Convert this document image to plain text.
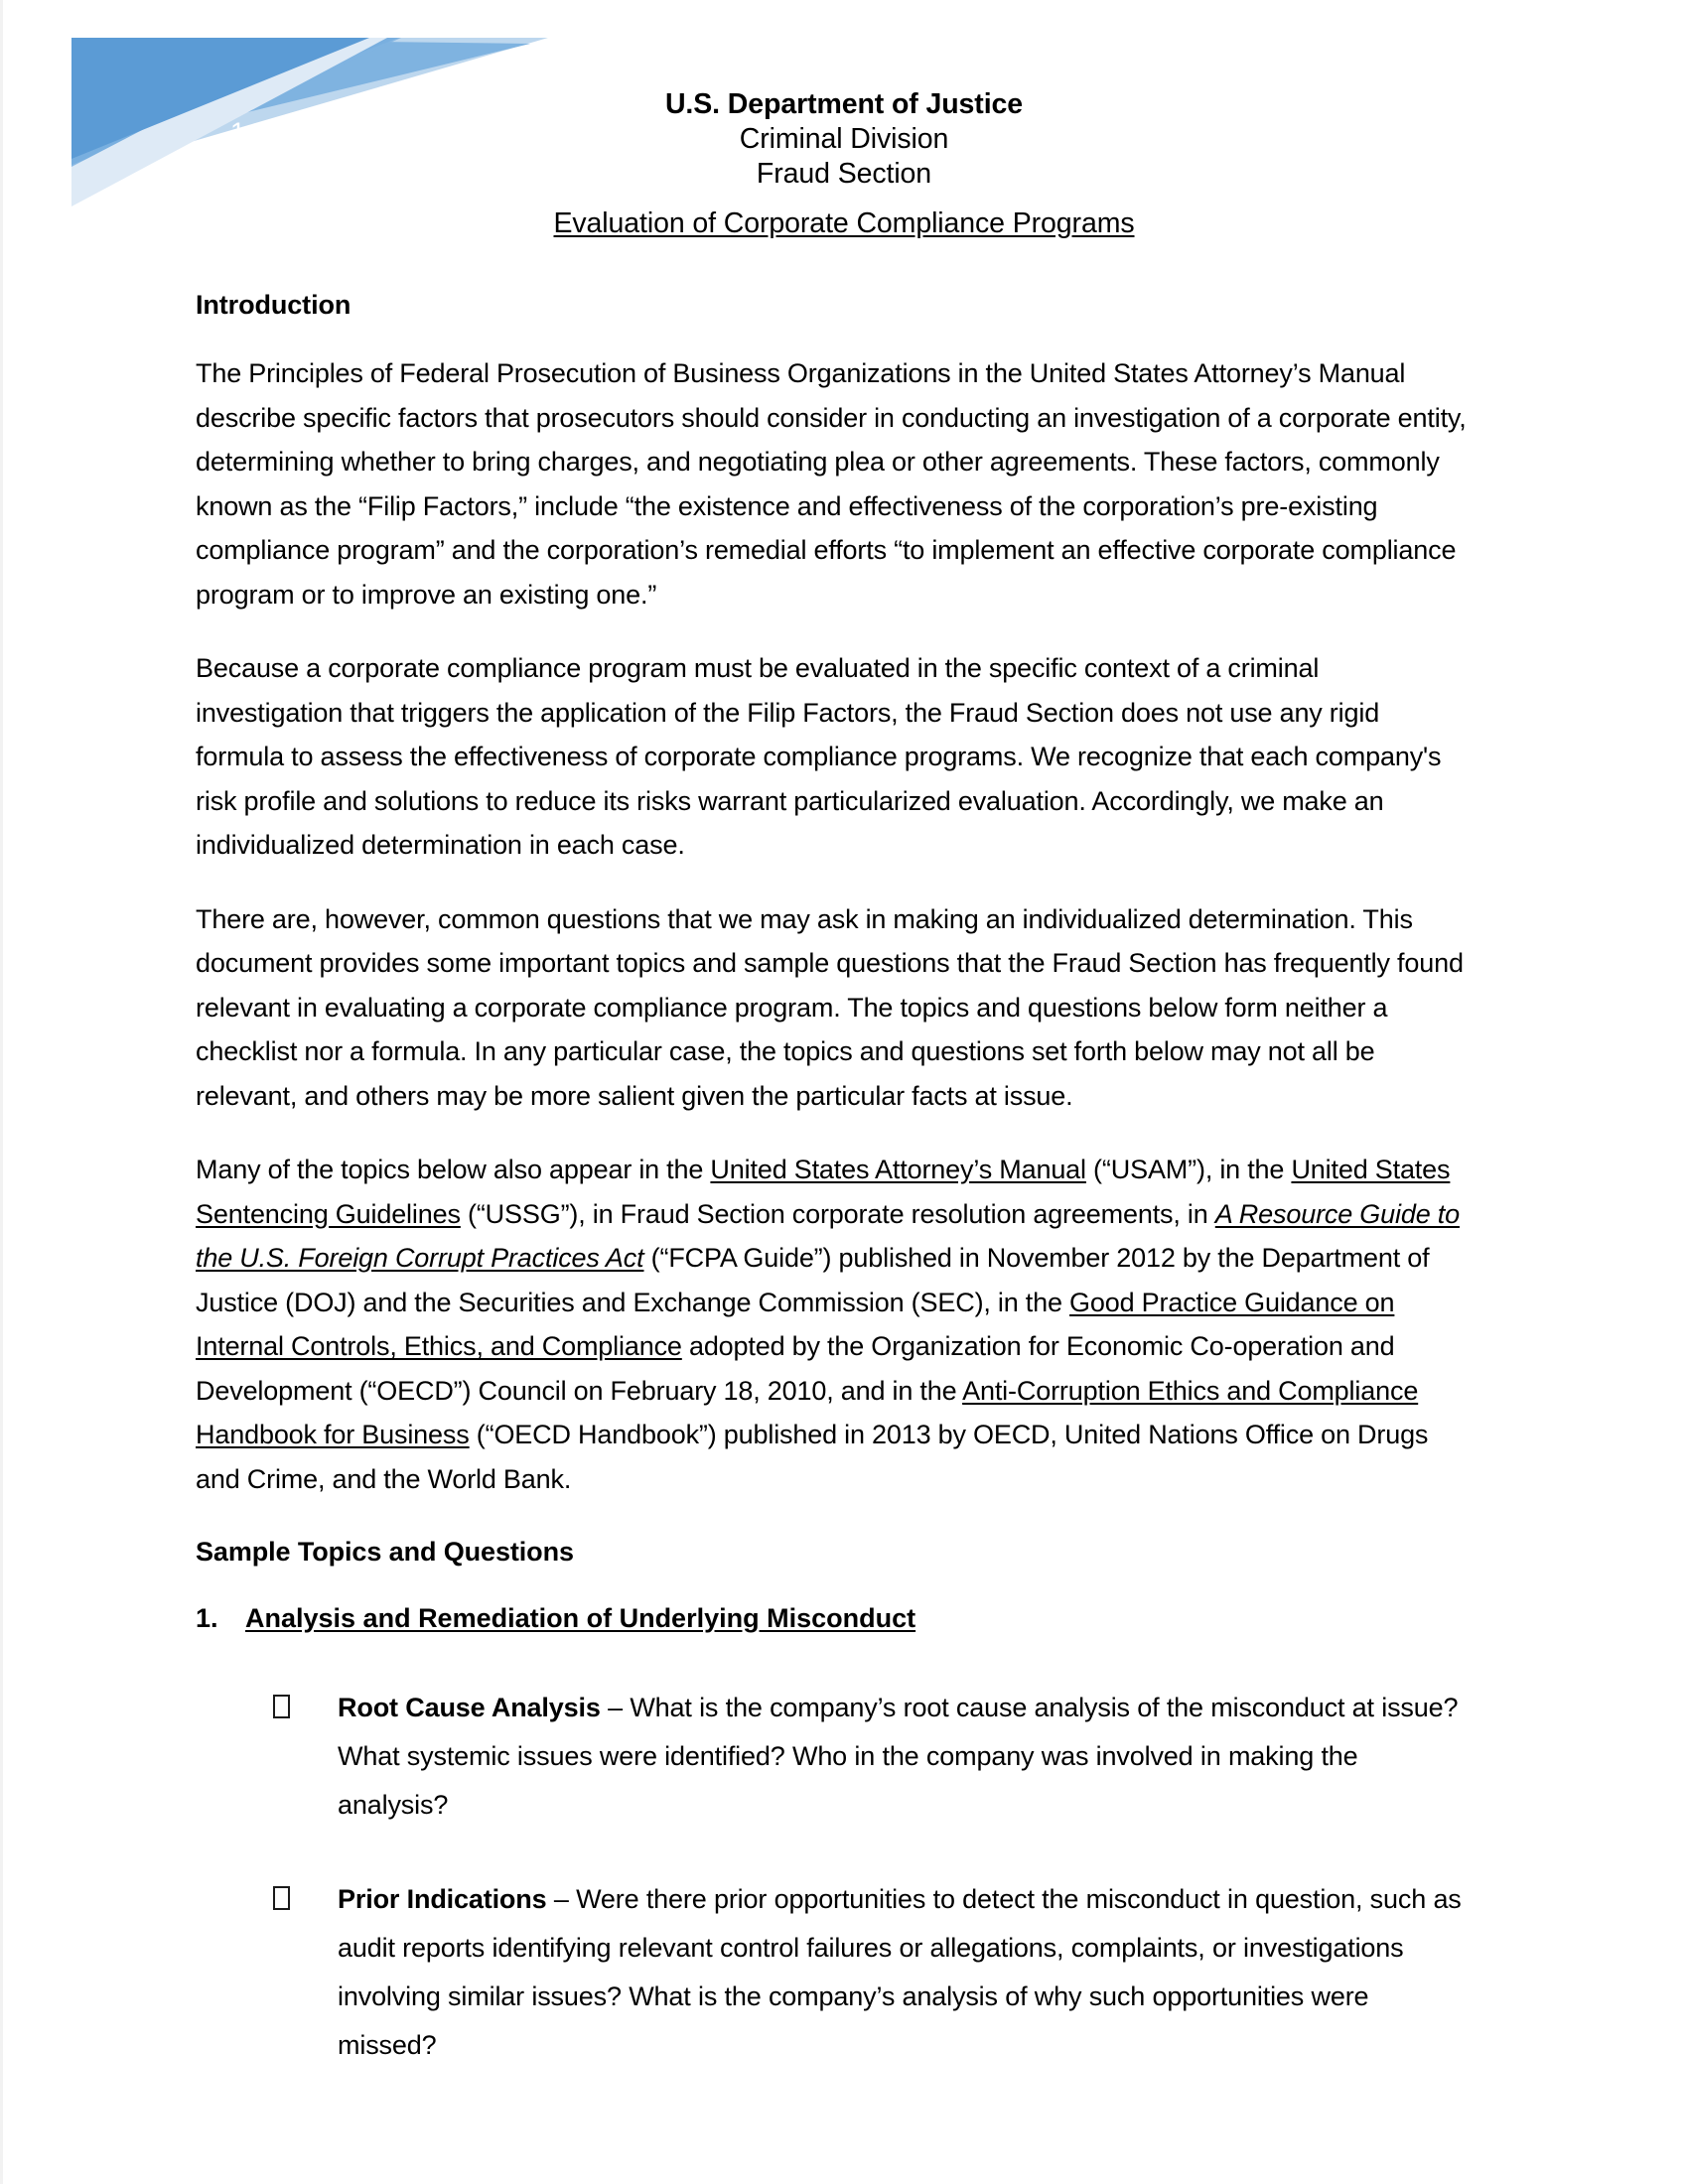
1
U.S. Department of Justice
Criminal Division
Fraud Section
Evaluation of Corporate Compliance Programs
Introduction

The Principles of Federal Prosecution of Business Organizations in the United States Attorney’s Manual describe specific factors that prosecutors should consider in conducting an investigation of a corporate entity, determining whether to bring charges, and negotiating plea or other agreements. These factors, commonly known as the “Filip Factors,” include “the existence and effectiveness of the corporation’s pre-existing compliance program” and the corporation’s remedial efforts “to implement an effective corporate compliance program or to improve an existing one.”

Because a corporate compliance program must be evaluated in the specific context of a criminal investigation that triggers the application of the Filip Factors, the Fraud Section does not use any rigid formula to assess the effectiveness of corporate compliance programs. We recognize that each company's risk profile and solutions to reduce its risks warrant particularized evaluation. Accordingly, we make an individualized determination in each case.

There are, however, common questions that we may ask in making an individualized determination. This document provides some important topics and sample questions that the Fraud Section has frequently found relevant in evaluating a corporate compliance program. The topics and questions below form neither a checklist nor a formula. In any particular case, the topics and questions set forth below may not all be relevant, and others may be more salient given the particular facts at issue.

Many of the topics below also appear in the United States Attorney’s Manual (“USAM”), in the United States Sentencing Guidelines (“USSG”), in Fraud Section corporate resolution agreements, in A Resource Guide to the U.S. Foreign Corrupt Practices Act (“FCPA Guide”) published in November 2012 by the Department of Justice (DOJ) and the Securities and Exchange Commission (SEC), in the Good Practice Guidance on Internal Controls, Ethics, and Compliance adopted by the Organization for Economic Co-operation and Development (“OECD”) Council on February 18, 2010, and in the Anti-Corruption Ethics and Compliance Handbook for Business (“OECD Handbook”) published in 2013 by OECD, United Nations Office on Drugs and Crime, and the World Bank.

Sample Topics and Questions
1. Analysis and Remediation of Underlying Misconduct
Root Cause Analysis – What is the company’s root cause analysis of the misconduct at issue? What systemic issues were identified? Who in the company was involved in making the analysis?
Prior Indications – Were there prior opportunities to detect the misconduct in question, such as audit reports identifying relevant control failures or allegations, complaints, or investigations involving similar issues? What is the company’s analysis of why such opportunities were missed?
